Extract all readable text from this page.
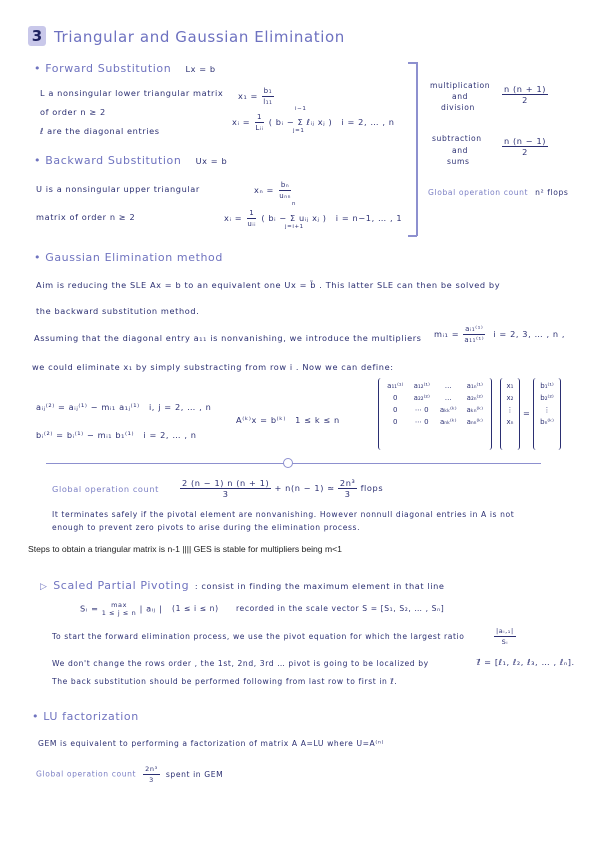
3 Triangular and Gaussian Elimination
• Forward Substitution Lx = b
L a nonsingular lower triangular matrix
of order n ≥ 2
ℓ are the diagonal entries
$x_1 = \frac{\text{b₁}}{\text{l₁₁}}$
xᵢ = $\frac{1}{\text{Lᵢᵢ}}$ ( bᵢ − Σ ℓᵢⱼ xⱼ ) i = 2, … , n
i−1
j=1
• Backward Substitution Ux = b
U is a nonsingular upper triangular
matrix of order n ≥ 2
$x_n = \frac{\text{bₙ}}{\text{uₙₙ}}$
xᵢ = $\frac{1}{\text{uᵢᵢ}}$ ( bᵢ − Σ uᵢⱼ xⱼ ) i = n−1, … , 1
n
j=i+1
multiplication
and
division
$\frac{n (n + 1)}{2}$
subtraction
and
sums
$\frac{n (n - 1)}{2}$
Global operation count n² flops
• Gaussian Elimination method
Aim is reducing the SLE Ax = b to an equivalent one Ux = b̃ . This latter SLE can then be solved by
the backward substitution method.
Assuming that the diagonal entry a₁₁ is nonvanishing, we introduce the multipliers mᵢ₁ = $\frac{\text{aᵢ₁⁽¹⁾}}{\text{a₁₁⁽¹⁾}}$ i = 2, 3, … , n ,
we could eliminate x₁ by simply substracting from row i . Now we can define:
aᵢⱼ⁽²⁾ = aᵢⱼ⁽¹⁾ − mᵢ₁ a₁ⱼ⁽¹⁾ i, j = 2, … , n
bᵢ⁽²⁾ = bᵢ⁽¹⁾ − mᵢ₁ b₁⁽¹⁾ i = 2, … , n
A⁽ᵏ⁾x = b⁽ᵏ⁾ 1 ≤ k ≤ n
a₁₁⁽¹⁾	a₁₂⁽¹⁾	…	a₁ₙ⁽¹⁾
0	a₂₂⁽²⁾	…	a₂ₙ⁽²⁾
0	⋯ 0	aₖₖ⁽ᵏ⁾	aₖₙ⁽ᵏ⁾
0	⋯ 0	aₙₖ⁽ᵏ⁾	aₙₙ⁽ᵏ⁾
x₁
x₂
⋮
xₙ
=
b₁⁽¹⁾
b₂⁽²⁾
⋮
bₙ⁽ᵏ⁾
Global operation count	$\frac{2 (n - 1) n (n + 1)}{3} + n(n - 1)$ ≃ $\frac{\text{2n³}}{3}$ flops
It terminates safely if the pivotal element are nonvanishing. However nonnull diagonal entries in A is not
enough to prevent zero pivots to arise during the elimination process.
Steps to obtain a triangular matrix is n-1 |||| GES is stable for multipliers being m<1
▷ Scaled Partial Pivoting : consist in finding the maximum element in that line
Sᵢ = max
1 ≤ j ≤ n | aᵢⱼ | (1 ≤ i ≤ n) recorded in the scale vector S = [S₁, S₂, … , Sₙ]
To start the forward elimination process, we use the pivot equation for which the largest ratio	$\frac{\text{|aᵢ,₁|}}{\text{Sᵢ}}$
We don't change the rows order , the 1st, 2nd, 3rd … pivot is going to be localized by	ℓ⃗ = [ℓ₁, ℓ₂, ℓ₃, … , ℓₙ].
The back substitution should be performed following from last row to first in ℓ⃗.
• LU factorization
GEM is equivalent to performing a factorization of matrix A A=LU where U=A⁽ⁿ⁾
Global operation count $\frac{\text{2n³}}{3}$ spent in GEM
